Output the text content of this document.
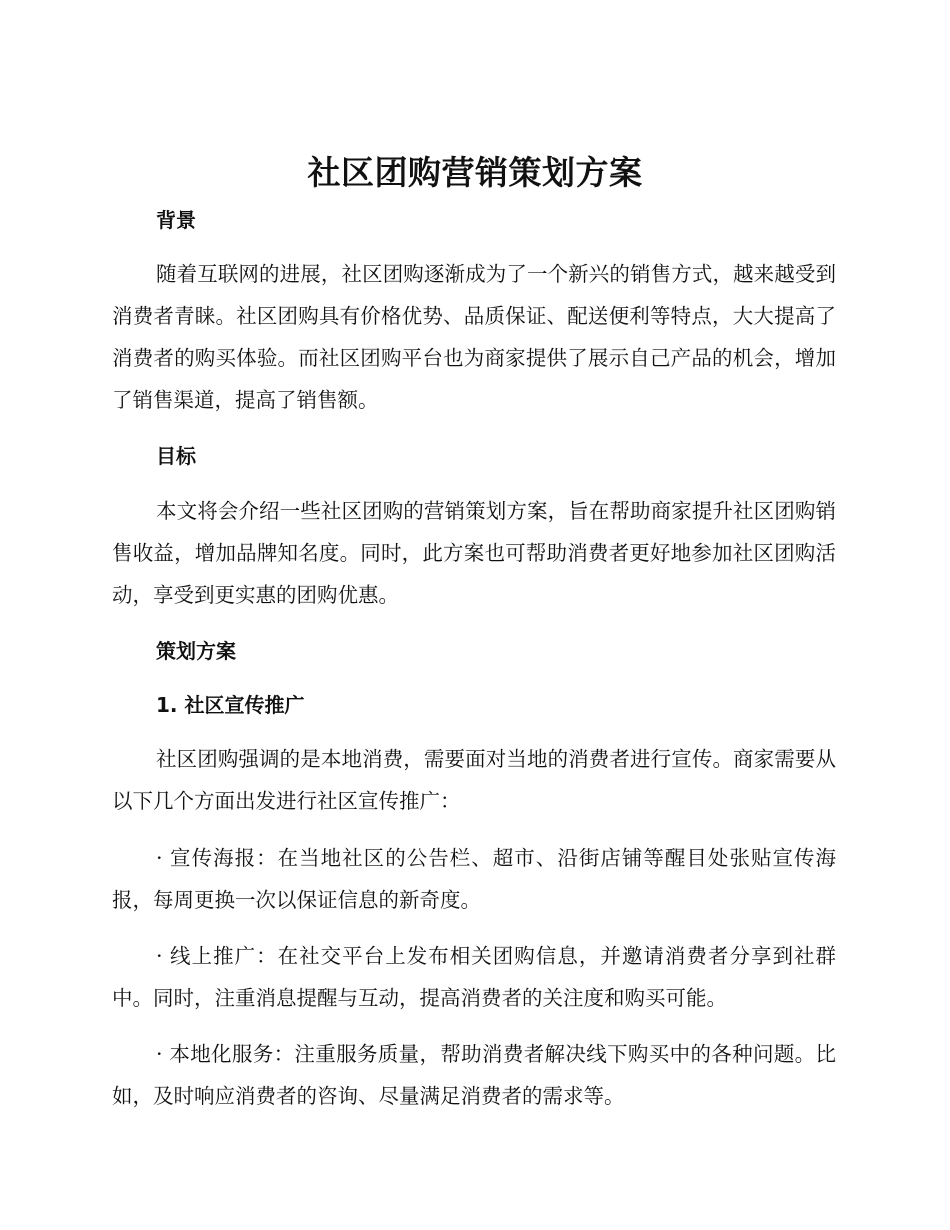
社区团购营销策划方案
背景

随着互联网的进展，社区团购逐渐成为了一个新兴的销售方式，越来越受到消费者青睐。社区团购具有价格优势、品质保证、配送便利等特点，大大提高了消费者的购买体验。而社区团购平台也为商家提供了展示自己产品的机会，增加了销售渠道，提高了销售额。

目标

本文将会介绍一些社区团购的营销策划方案，旨在帮助商家提升社区团购销售收益，增加品牌知名度。同时，此方案也可帮助消费者更好地参加社区团购活动，享受到更实惠的团购优惠。

策划方案
1. 社区宣传推广

社区团购强调的是本地消费，需要面对当地的消费者进行宣传。商家需要从以下几个方面出发进行社区宣传推广：

· 宣传海报：在当地社区的公告栏、超市、沿街店铺等醒目处张贴宣传海报，每周更换一次以保证信息的新奇度。

· 线上推广：在社交平台上发布相关团购信息，并邀请消费者分享到社群中。同时，注重消息提醒与互动，提高消费者的关注度和购买可能。

· 本地化服务：注重服务质量，帮助消费者解决线下购买中的各种问题。比如，及时响应消费者的咨询、尽量满足消费者的需求等。
